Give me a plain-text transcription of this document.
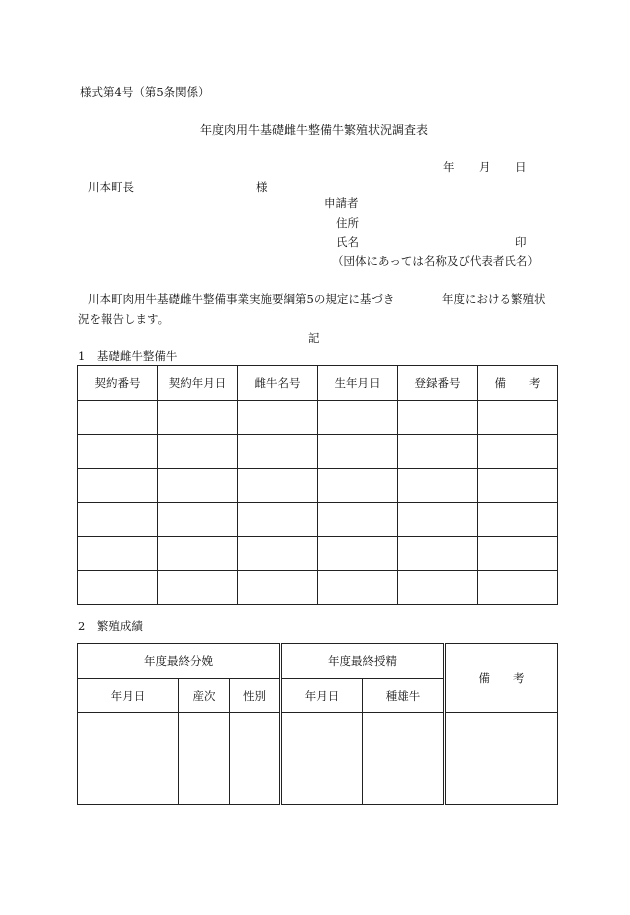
様式第4号（第5条関係）
年度肉用牛基礎雌牛整備牛繁殖状況調査表
年 月 日
川本町長	様
申請者
住所
氏名	印
（団体にあっては名称及び代表者氏名）
川本町肉用牛基礎雌牛整備事業実施要綱第5の規定に基づき	年度における繁殖状
況を報告します。
記
1　基礎雌牛整備牛
契約番号	契約年月日	雌牛名号	生年月日	登録番号	備　　考

2　繁殖成績
年度最終分娩			年度最終授精		備　　考
年月日	産次	性別	年月日	種雄牛	
